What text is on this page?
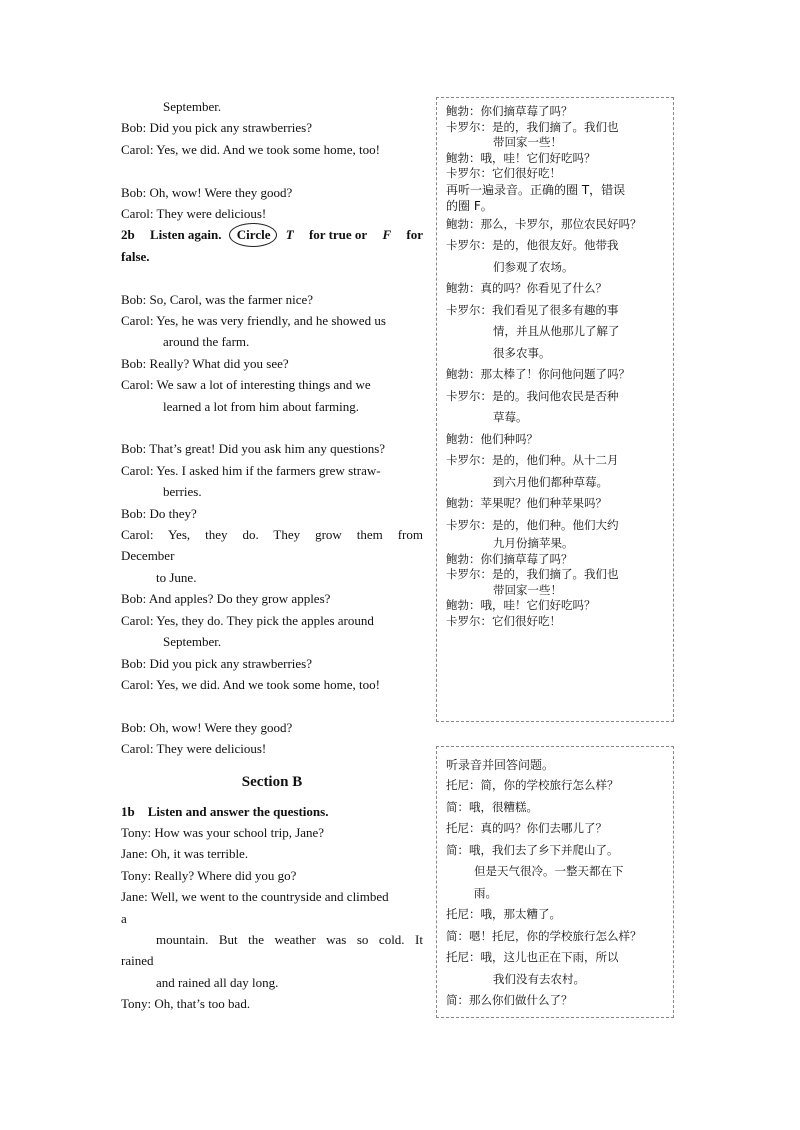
September.
Bob: Did you pick any strawberries?
Carol: Yes, we did. And we took some home, too!
Bob: Oh, wow! Were they good?
Carol: They were delicious!
2b Listen again. Circle T for true or F for
false.
Bob: So, Carol, was the farmer nice?
Carol: Yes, he was very friendly, and he showed us
around the farm.
Bob: Really? What did you see?
Carol: We saw a lot of interesting things and we
learned a lot from him about farming.
Bob: That’s great! Did you ask him any questions?
Carol: Yes. I asked him if the farmers grew straw-
berries.
Bob: Do they?
Carol: Yes, they do. They grow them from
December
to June.
Bob: And apples? Do they grow apples?
Carol: Yes, they do. They pick the apples around
September.
Bob: Did you pick any strawberries?
Carol: Yes, we did. And we took some home, too!
Bob: Oh, wow! Were they good?
Carol: They were delicious!
Section B
1b    Listen and answer the questions.
Tony: How was your school trip, Jane?
Jane: Oh, it was terrible.
Tony: Really? Where did you go?
Jane: Well, we went to the countryside and climbed
a
mountain. But the weather was so cold. It
rained
and rained all day long.
Tony: Oh, that’s too bad.
鲍勃：你们摘草莓了吗？
卡罗尔：是的，我们摘了。我们也
带回家一些！
鲍勃：哦，哇！它们好吃吗？
卡罗尔：它们很好吃！
再听一遍录音。正确的圈 T，错误
的圈 F。
鲍勃：那么，卡罗尔，那位农民好吗？
卡罗尔：是的，他很友好。他带我
们参观了农场。
鲍勃：真的吗？你看见了什么？
卡罗尔：我们看见了很多有趣的事
情，并且从他那儿了解了
很多农事。
鲍勃：那太棒了！你问他问题了吗？
卡罗尔：是的。我问他农民是否种
草莓。
鲍勃：他们种吗？
卡罗尔：是的，他们种。从十二月
到六月他们都种草莓。
鲍勃：苹果呢？他们种苹果吗？
卡罗尔：是的，他们种。他们大约
九月份摘苹果。
鲍勃：你们摘草莓了吗？
卡罗尔：是的，我们摘了。我们也
带回家一些！
鲍勃：哦，哇！它们好吃吗？
卡罗尔：它们很好吃！
听录音并回答问题。
托尼：简，你的学校旅行怎么样？
简：哦，很糟糕。
托尼：真的吗？你们去哪儿了？
简：哦，我们去了乡下并爬山了。
但是天气很冷。一整天都在下
雨。
托尼：哦，那太糟了。
简：嗯！托尼，你的学校旅行怎么样？
托尼：哦，这儿也正在下雨，所以
我们没有去农村。
简：那么你们做什么了？
